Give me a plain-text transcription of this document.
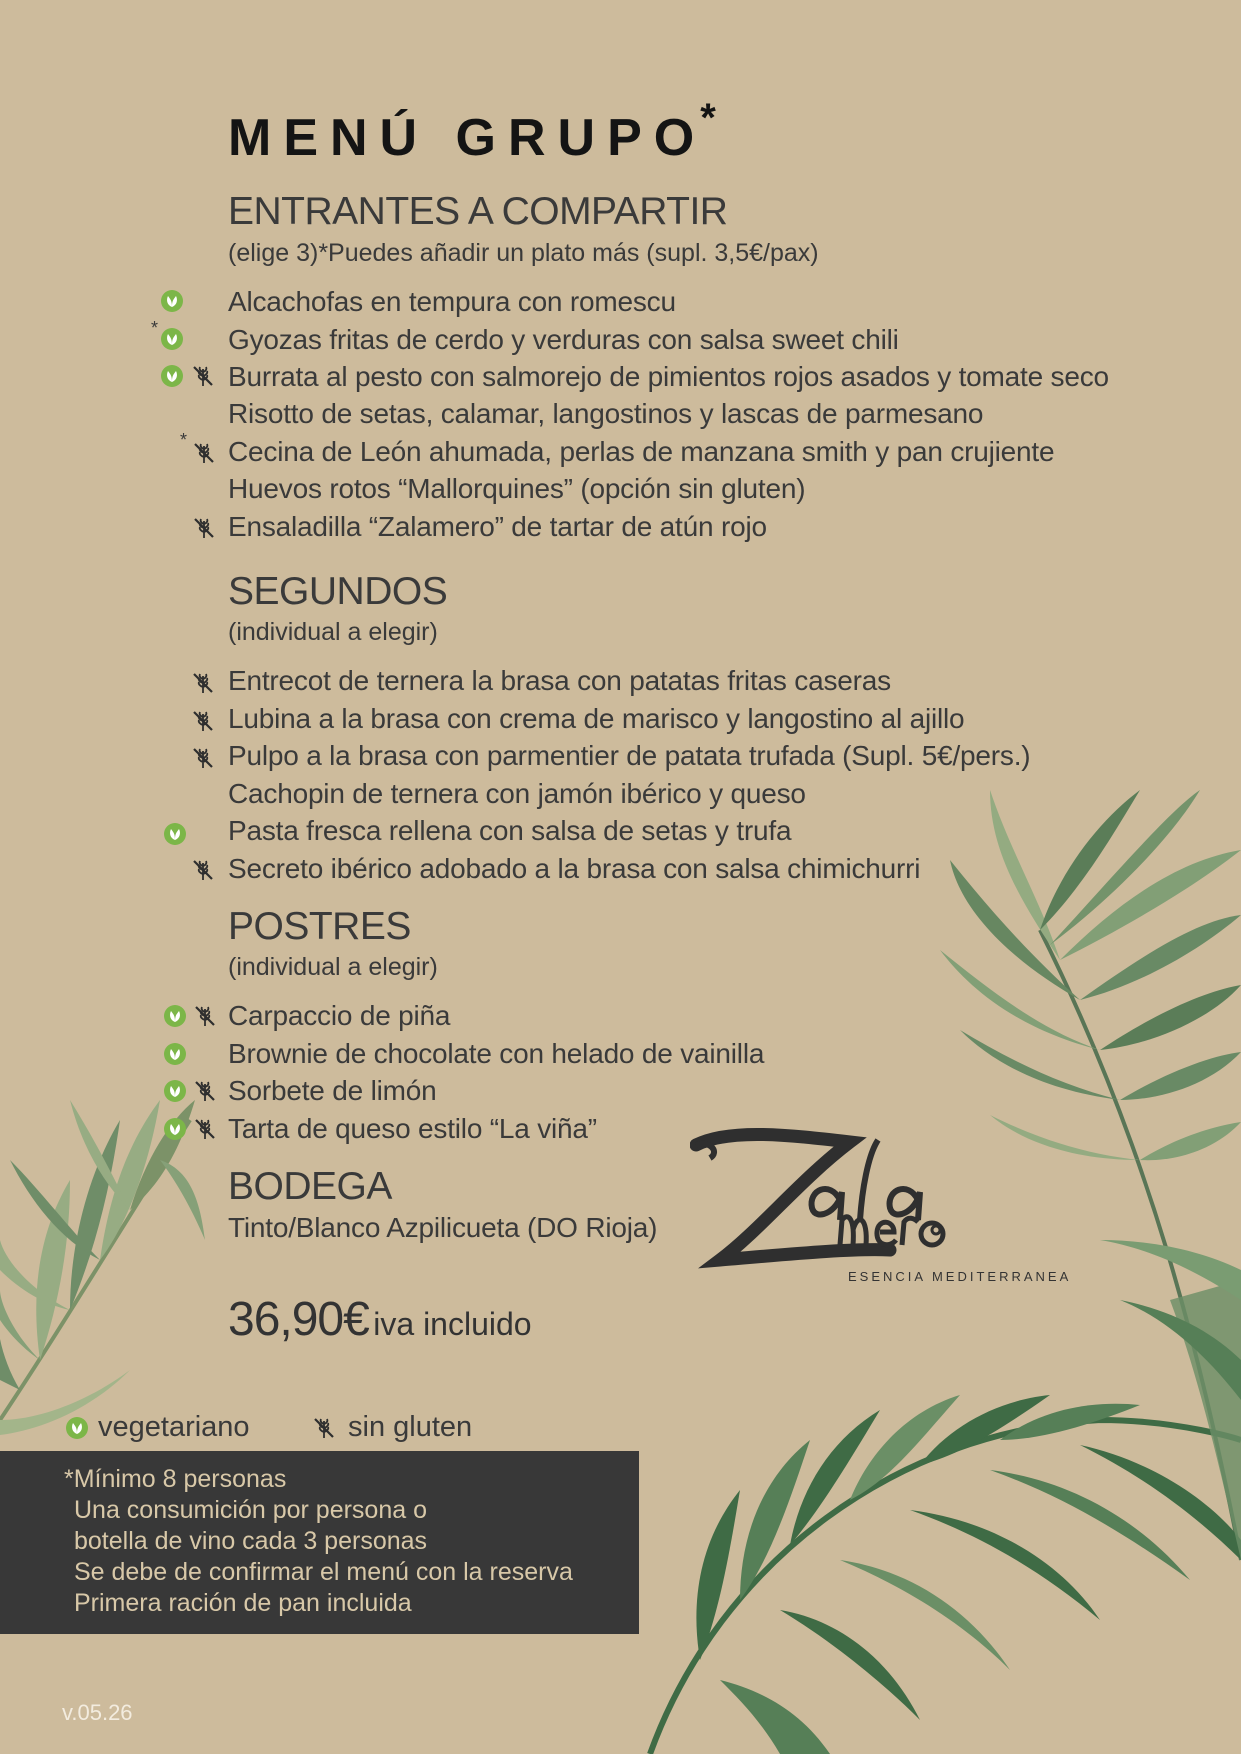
MENÚ GRUPO*
ENTRANTES A COMPARTIR
(elige 3)*Puedes añadir un plato más (supl. 3,5€/pax)
Alcachofas en tempura con romescu
Gyozas fritas de cerdo y verduras con salsa sweet chili
Burrata al pesto con salmorejo de pimientos rojos asados y tomate seco
Risotto de setas, calamar, langostinos y lascas de parmesano
Cecina de León ahumada, perlas de manzana smith y pan crujiente
Huevos rotos “Mallorquines” (opción sin gluten)
Ensaladilla “Zalamero” de tartar de atún rojo
SEGUNDOS
(individual a elegir)
Entrecot de ternera la brasa con patatas fritas caseras
Lubina a la brasa con crema de marisco y langostino al ajillo
Pulpo a la brasa con parmentier de patata trufada (Supl. 5€/pers.)
Cachopin de ternera con jamón ibérico y queso
Pasta fresca rellena con salsa de setas y trufa
Secreto ibérico adobado a la brasa con salsa chimichurri
POSTRES
(individual a elegir)
Carpaccio de piña
Brownie de chocolate con helado de vainilla
Sorbete de limón
Tarta de queso estilo “La viña”
BODEGA
Tinto/Blanco Azpilicueta (DO Rioja)
36,90€ iva incluido
*
*
ESENCIA MEDITERRANEA
vegetariano	sin gluten
*Mínimo 8 personas
Una consumición por persona o
botella de vino cada 3 personas
Se debe de confirmar el menú con la reserva
Primera ración de pan incluida
v.05.26
